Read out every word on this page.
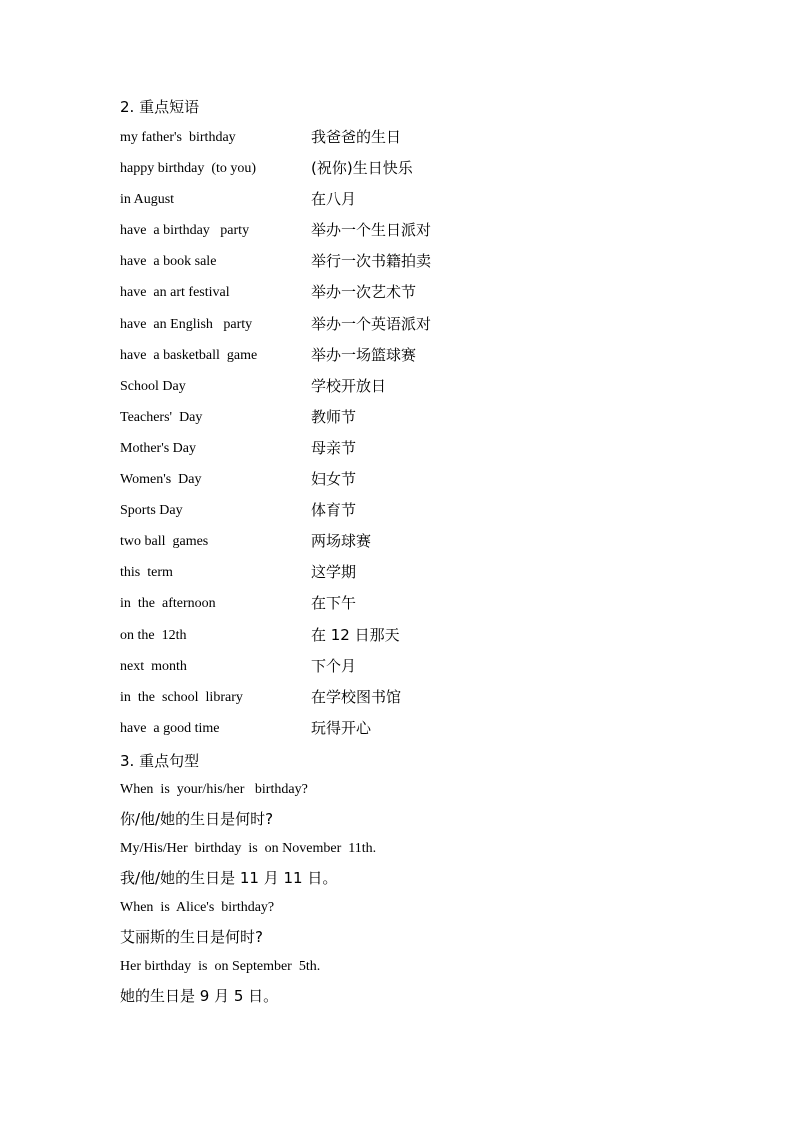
2. 重点短语
my father's  birthday	我爸爸的生日
happy birthday  (to you)	(祝你)生日快乐
in August	在八月
have  a birthday   party	举办一个生日派对
have  a book sale	举行一次书籍拍卖
have  an art festival	举办一次艺术节
have  an English   party	举办一个英语派对
have  a basketball  game	举办一场篮球赛
School Day	学校开放日
Teachers'  Day	教师节
Mother's Day	母亲节
Women's  Day	妇女节
Sports Day	体育节
two ball  games	两场球赛
this  term	这学期
in  the  afternoon	在下午
on the  12th	在 12 日那天
next  month	下个月
in  the  school  library	在学校图书馆
have  a good time	玩得开心
3. 重点句型
When  is  your/his/her   birthday?
你/他/她的生日是何时?
My/His/Her  birthday  is  on November  11th.
我/他/她的生日是 11 月 11 日。
When  is  Alice's  birthday?
艾丽斯的生日是何时?
Her birthday  is  on September  5th.
她的生日是 9 月 5 日。
